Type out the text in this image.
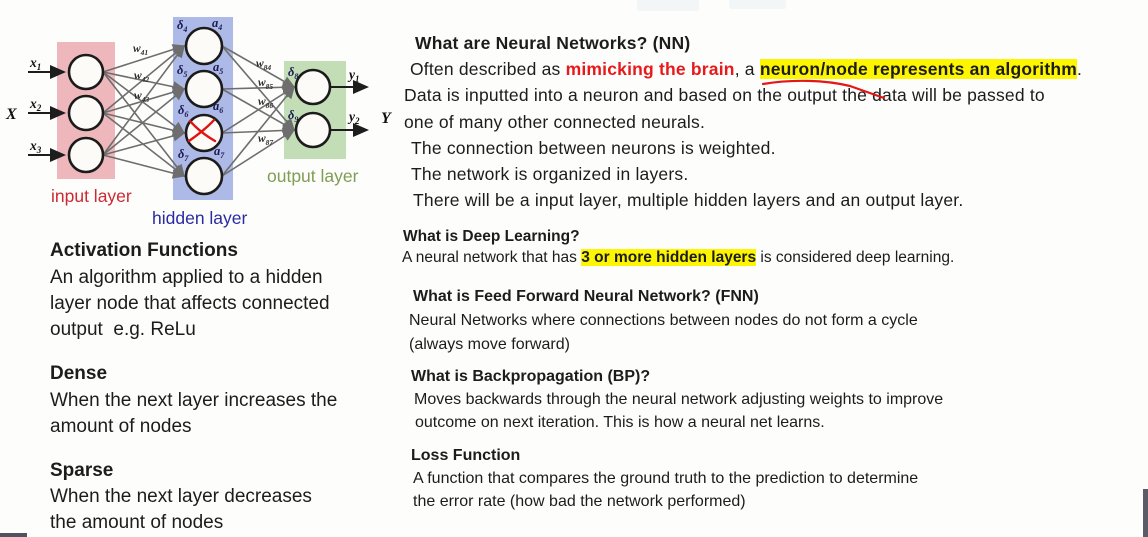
X	Y
$x_1$
$x_2$
$x_3$
$y_1$
$y_2$
$w_{41}$
$w_{42}$
$w_{43}$
$w_{84}$
$w_{85}$
$w_{86}$
$w_{87}$
$\delta_4$ $a_4$
$\delta_5$
$a_5$
$\delta_6$
$a_6$
$\delta_7$
$a_7$
$\delta_8$
$\delta_9$
input layer
hidden layer
output layer
Activation Functions
An algorithm applied to a hidden
layer node that affects connected
output  e.g. ReLu
Dense
When the next layer increases the
amount of nodes
Sparse
When the next layer decreases
the amount of nodes
What are Neural Networks? (NN)
Often described as mimicking the brain, a neuron/node represents an algorithm.
Data is inputted into a neuron and based on the output the data will be passed to
one of many other connected neurals.
The connection between neurons is weighted.
The network is organized in layers.
There will be a input layer, multiple hidden layers and an output layer.
What is Deep Learning?
A neural network that has 3 or more hidden layers is considered deep learning.
What is Feed Forward Neural Network? (FNN)
Neural Networks where connections between nodes do not form a cycle
(always move forward)
What is Backpropagation (BP)?
Moves backwards through the neural network adjusting weights to improve
outcome on next iteration. This is how a neural net learns.
Loss Function
A function that compares the ground truth to the prediction to determine
the error rate (how bad the network performed)
